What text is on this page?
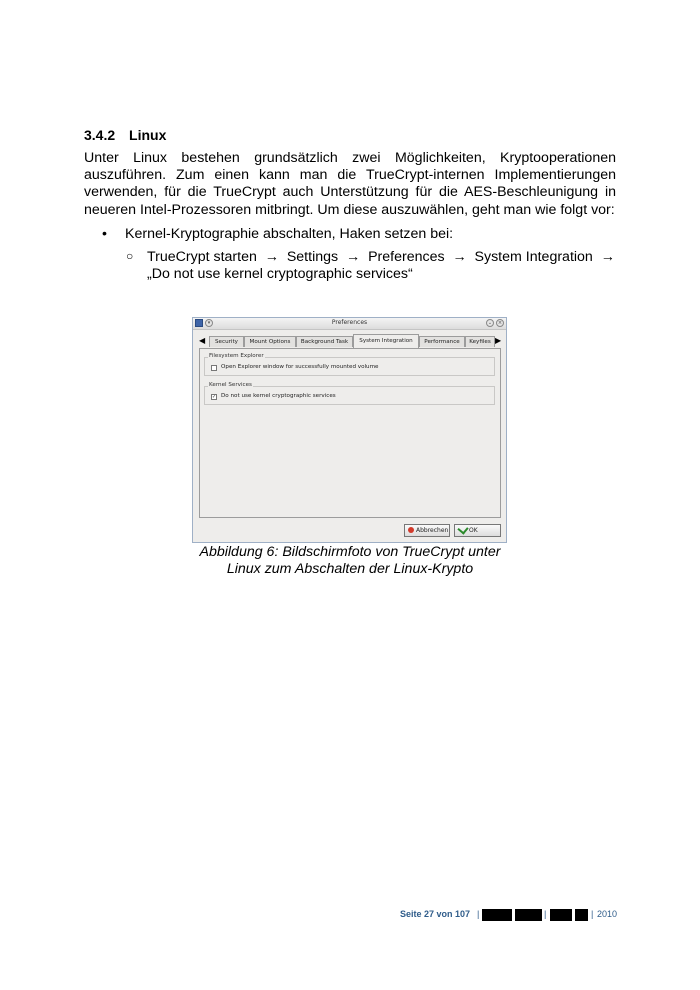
3.4.2 Linux
Unter Linux bestehen grundsätzlich zwei Möglichkeiten, Kryptooperationen auszuführen. Zum einen kann man die TrueCrypt-internen Implementierungen verwenden, für die TrueCrypt auch Unterstützung für die AES-Beschleunigung in neueren Intel-Prozessoren mitbringt. Um diese auszuwählen, geht man wie folgt vor:
• Kernel-Kryptographie abschalten, Haken setzen bei:
○ TrueCrypt starten → Settings → Preferences → System Integration →
„Do not use kernel cryptographic services“
▾	Preferences	⌄	×
◀	Security	Mount Options	Background Task	System Integration	Performance	Keyfiles ▶
Filesystem Explorer
Open Explorer window for successfully mounted volume
Kernel Services
✓ Do not use kernel cryptographic services
Abbrechen	OK
Abbildung 6: Bildschirmfoto von TrueCrypt unter
Linux zum Abschalten der Linux-Krypto
Seite 27 von 107 |	|	| 2010
